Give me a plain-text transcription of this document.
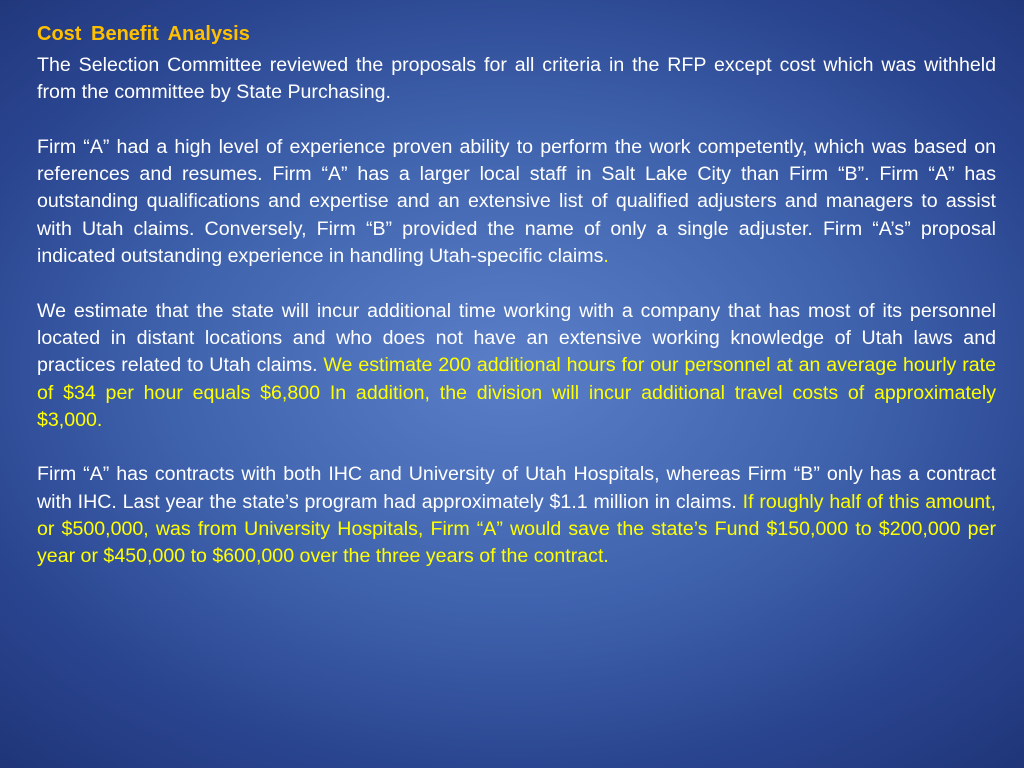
Cost Benefit Analysis

The Selection Committee reviewed the proposals for all criteria in the RFP except cost which was withheld from the committee by State Purchasing.

Firm “A” had a high level of experience proven ability to perform the work competently, which was based on references and resumes. Firm “A” has a larger local staff in Salt Lake City than Firm “B”. Firm “A” has outstanding qualifications and expertise and an extensive list of qualified adjusters and managers to assist with Utah claims. Conversely, Firm “B” provided the name of only a single adjuster. Firm “A’s” proposal indicated outstanding experience in handling Utah-specific claims.

We estimate that the state will incur additional time working with a company that has most of its personnel located in distant locations and who does not have an extensive working knowledge of Utah laws and practices related to Utah claims. We estimate 200 additional hours for our personnel at an average hourly rate of $34 per hour equals $6,800 In addition, the division will incur additional travel costs of approximately $3,000.

Firm “A” has contracts with both IHC and University of Utah Hospitals, whereas Firm “B” only has a contract with IHC. Last year the state’s program had approximately $1.1 million in claims. If roughly half of this amount, or $500,000, was from University Hospitals, Firm “A” would save the state’s Fund $150,000 to $200,000 per year or $450,000 to $600,000 over the three years of the contract.
